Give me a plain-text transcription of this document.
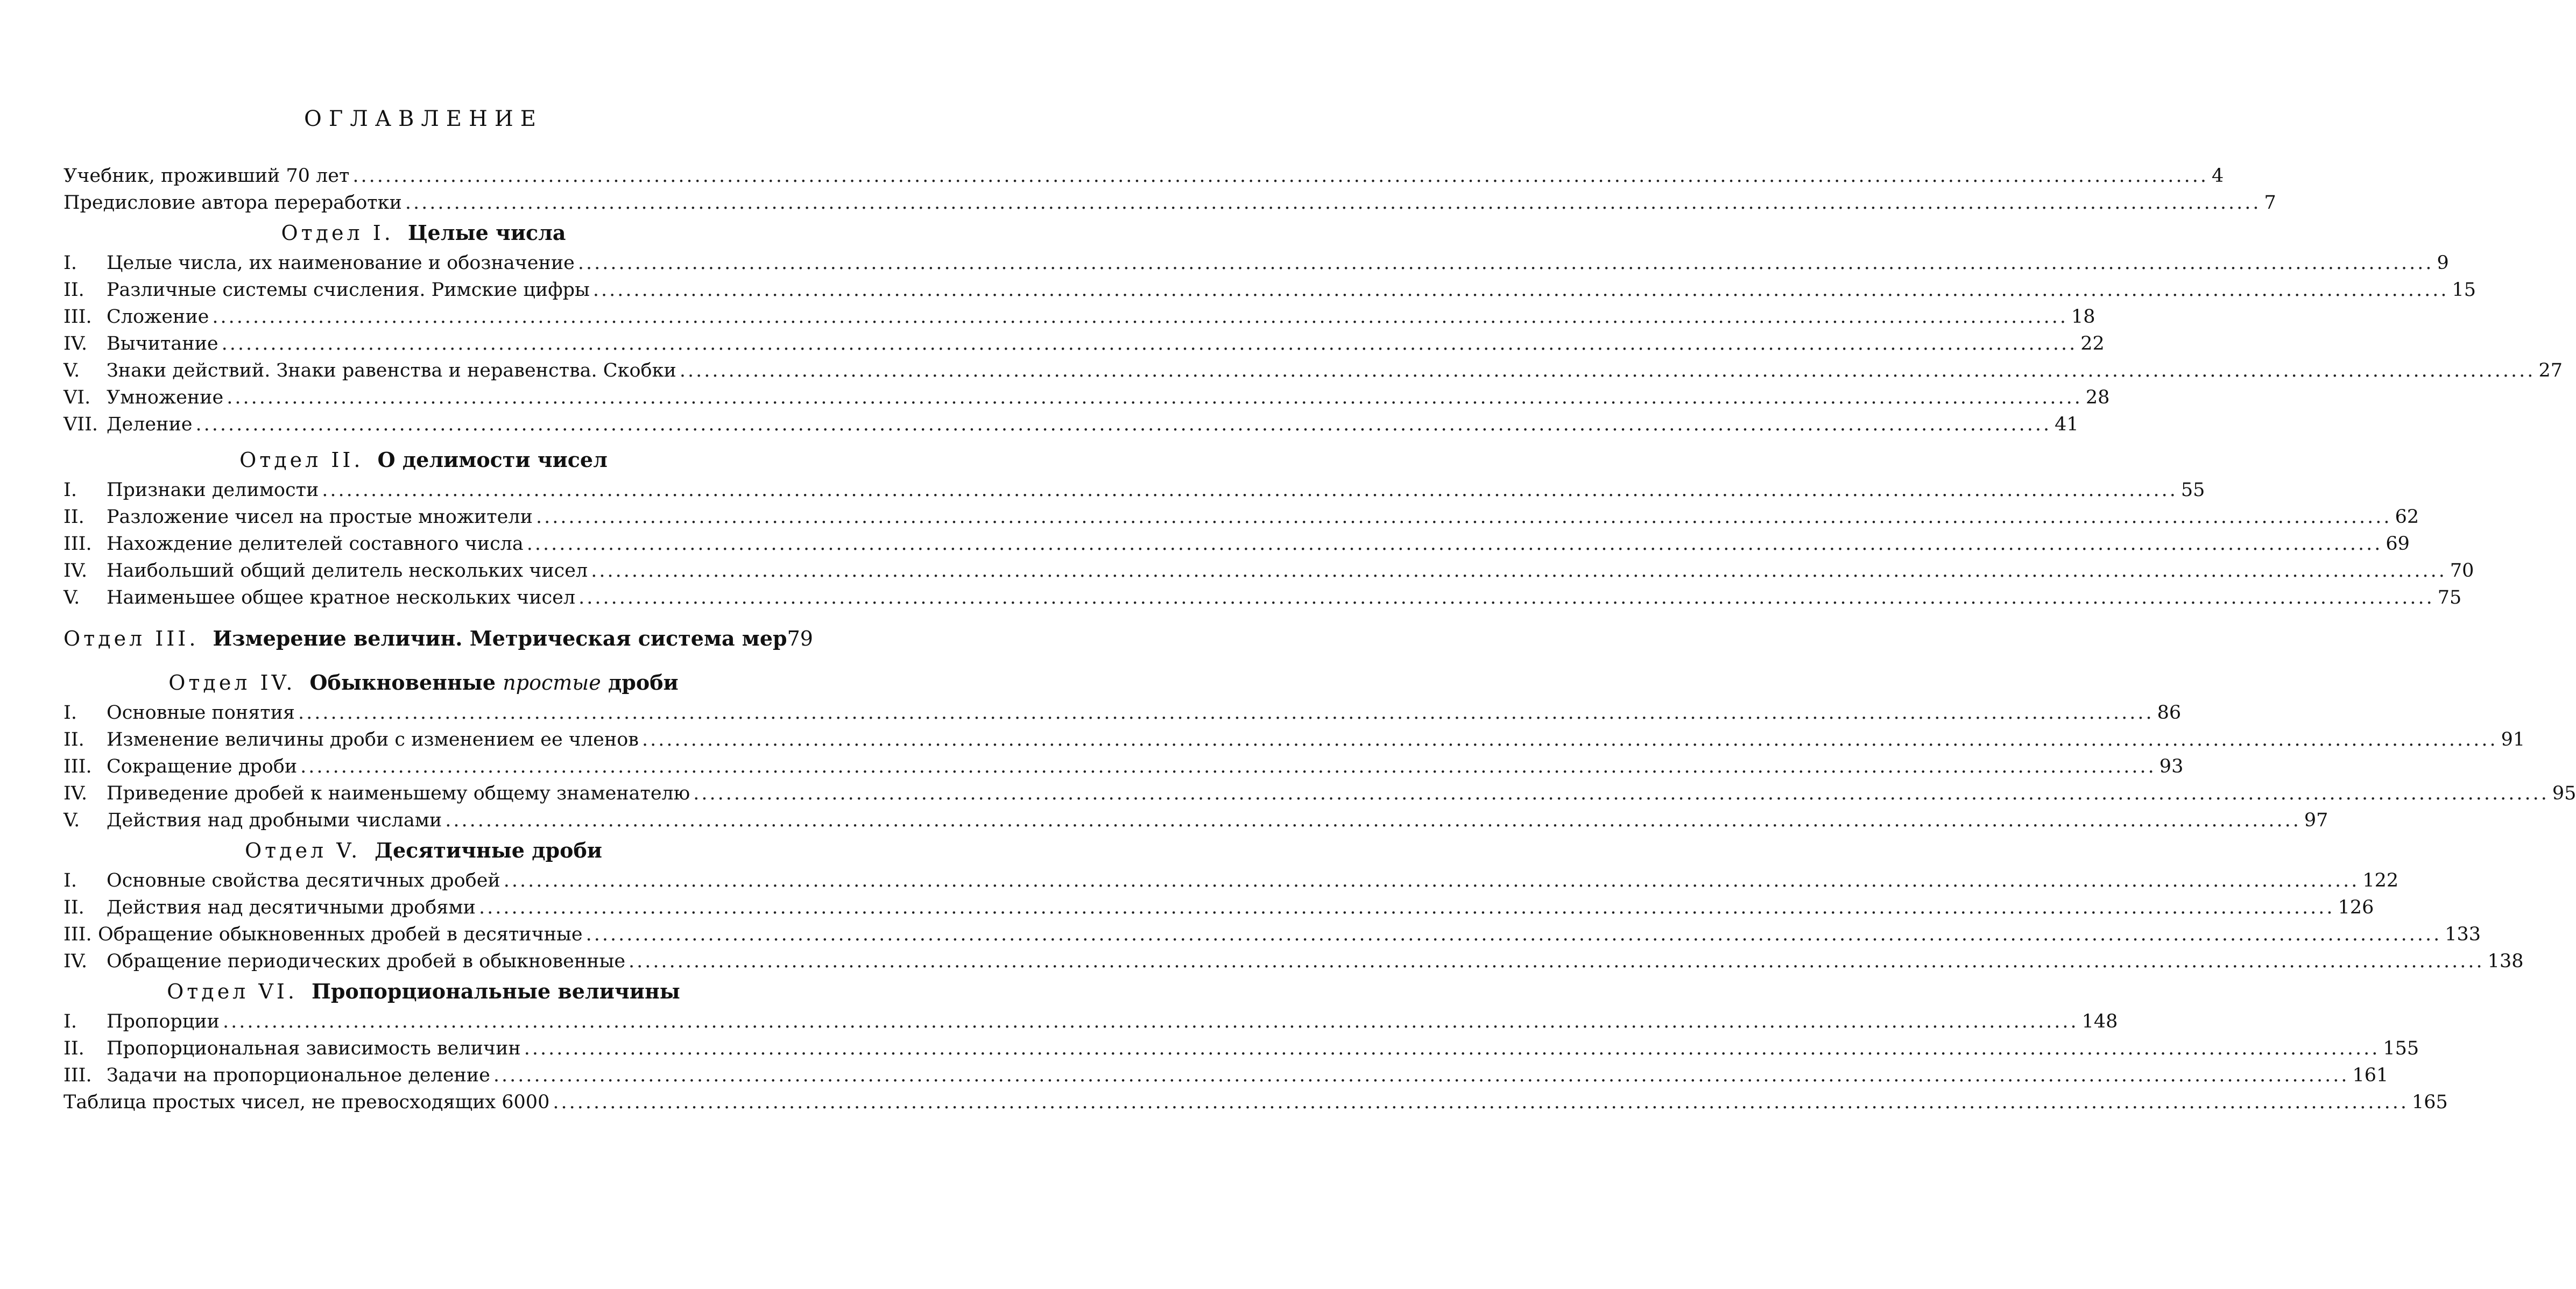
ОГЛАВЛЕНИЕ
Учебник, проживший 70 лет .....	4
Предисловие автора переработки .....	7
Отдел I. Целые числа
I.	Целые числа, их наименование и обозначение .....	9
II.	Различные системы счисления. Римские цифры .....	15
III. Сложение .....	18
IV.	Вычитание .....	22
V.	Знаки действий. Знаки равенства и неравенства. Скобки .....	27
VI. Умножение .....	28
VII. Деление .....	41
Отдел II. О делимости чисел
I.	Признаки делимости .....	55
II.	Разложение чисел на простые множители .....	62
III. Нахождение делителей составного числа .....	69
IV.	Наибольший общий делитель нескольких чисел .....	70
V.	Наименьшее общее кратное нескольких чисел .....	75
Отдел III. Измерение величин. Метрическая система мер 79
Отдел IV. Обыкновенные простые дроби
I.	Основные понятия .....	86
II.	Изменение величины дроби с изменением ее членов .....	91
III. Сокращение дроби .....	93
IV.	Приведение дробей к наименьшему общему знаменателю .....	95
V.	Действия над дробными числами .....	97
Отдел V. Десятичные дроби
I.	Основные свойства десятичных дробей .....	122
II.	Действия над десятичными дробями .....	126
III. Обращение обыкновенных дробей в десятичные .....	133
IV.	Обращение периодических дробей в обыкновенные .....	138
Отдел VI. Пропорциональные величины
I.	Пропорции .....	148
II.	Пропорциональная зависимость величин .....	155
III. Задачи на пропорциональное деление .....	161
Таблица простых чисел, не превосходящих 6000 .....	165
